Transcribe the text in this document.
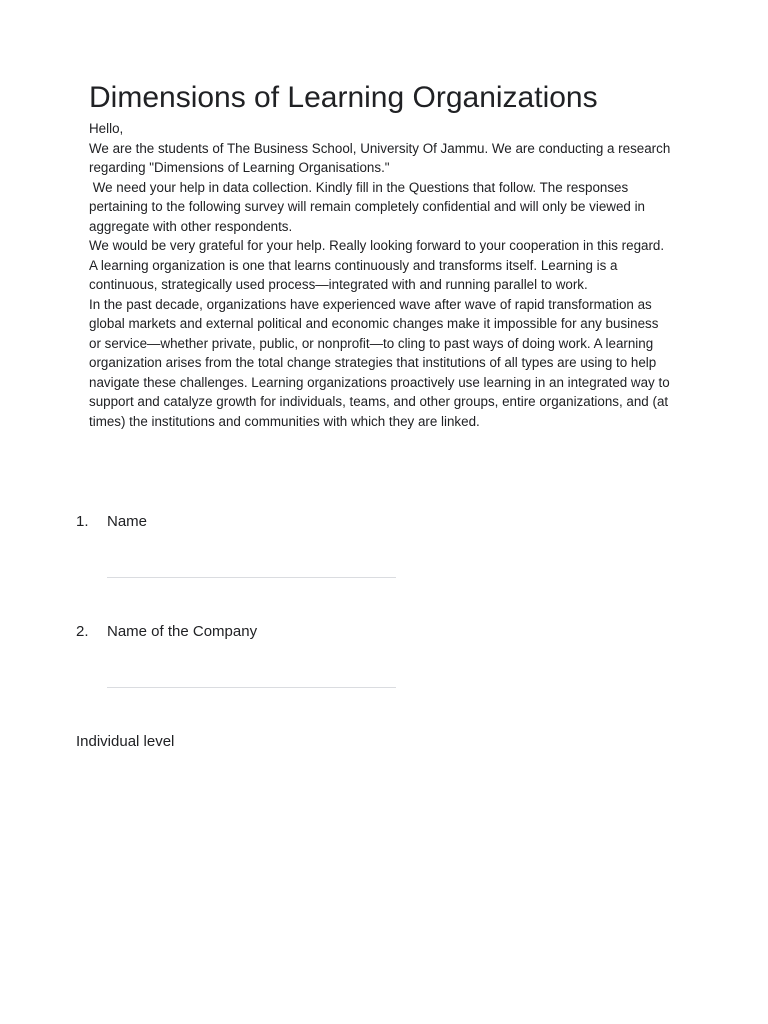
Dimensions of Learning Organizations

Hello,

We are the students of The Business School, University Of Jammu. We are conducting a research regarding "Dimensions of Learning Organisations."

We need your help in data collection. Kindly fill in the Questions that follow. The responses pertaining to the following survey will remain completely confidential and will only be viewed in aggregate with other respondents.

We would be very grateful for your help. Really looking forward to your cooperation in this regard.

A learning organization is one that learns continuously and transforms itself. Learning is a continuous, strategically used process—integrated with and running parallel to work.

In the past decade, organizations have experienced wave after wave of rapid transformation as global markets and external political and economic changes make it impossible for any business or service—whether private, public, or nonprofit—to cling to past ways of doing work. A learning organization arises from the total change strategies that institutions of all types are using to help navigate these challenges. Learning organizations proactively use learning in an integrated way to support and catalyze growth for individuals, teams, and other groups, entire organizations, and (at times) the institutions and communities with which they are linked.

1. Name
2. Name of the Company
Individual level
